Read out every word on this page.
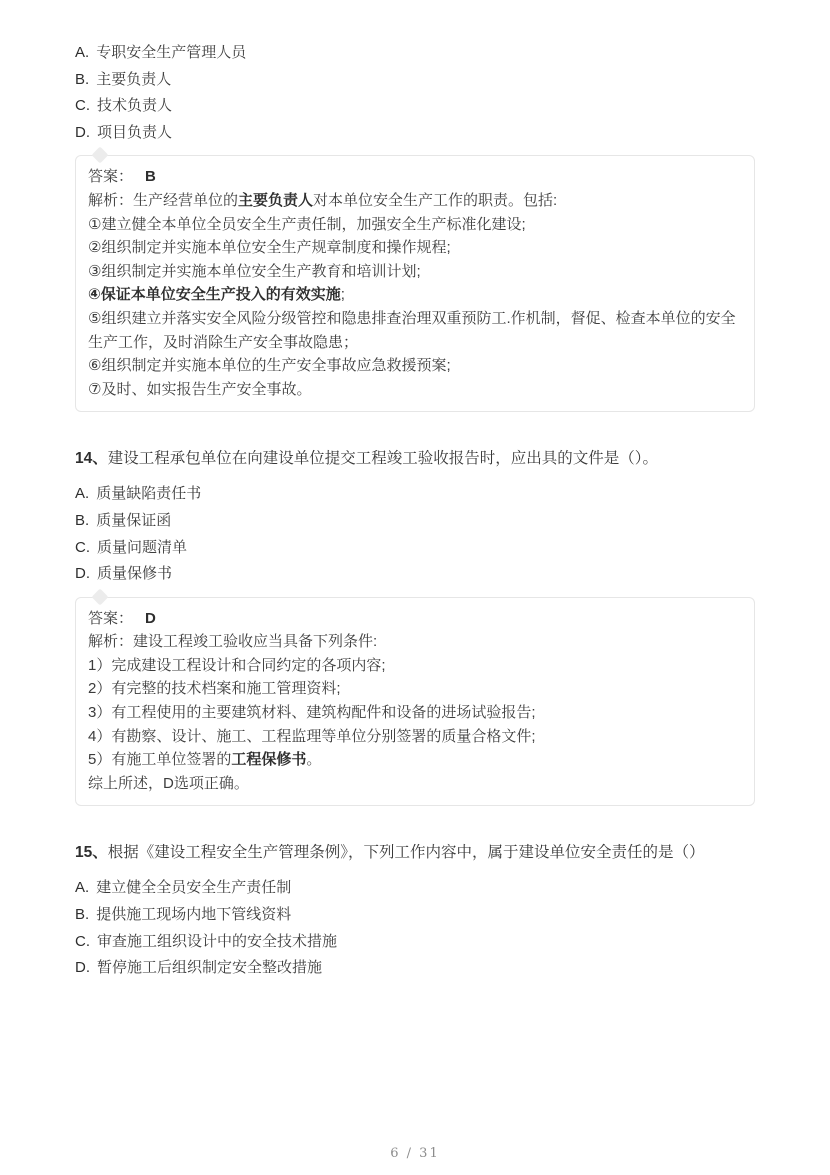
A. 专职安全生产管理人员
B. 主要负责人
C. 技术负责人
D. 项目负责人
答案： B

解析：生产经营单位的主要负责人对本单位安全生产工作的职责。包括:

①建立健全本单位全员安全生产责任制，加强安全生产标准化建设;

②组织制定并实施本单位安全生产规章制度和操作规程;

③组织制定并实施本单位安全生产教育和培训计划;

④保证本单位安全生产投入的有效实施;

⑤组织建立并落实安全风险分级管控和隐患排查治理双重预防工.作机制，督促、检查本单位的安全生产工作，及时消除生产安全事故隐患；

⑥组织制定并实施本单位的生产安全事故应急救援预案;

⑦及时、如实报告生产安全事故。

14、建设工程承包单位在向建设单位提交工程竣工验收报告时，应出具的文件是（）。
A. 质量缺陷责任书
B. 质量保证函
C. 质量问题清单
D. 质量保修书
答案： D

解析：建设工程竣工验收应当具备下列条件:

1）完成建设工程设计和合同约定的各项内容;

2）有完整的技术档案和施工管理资料;

3）有工程使用的主要建筑材料、建筑构配件和设备的进场试验报告;

4）有勘察、设计、施工、工程监理等单位分别签署的质量合格文件;

5）有施工单位签署的工程保修书。

综上所述，D选项正确。

15、根据《建设工程安全生产管理条例》，下列工作内容中，属于建设单位安全责任的是（）
A. 建立健全全员安全生产责任制
B. 提供施工现场内地下管线资料
C. 审查施工组织设计中的安全技术措施
D. 暂停施工后组织制定安全整改措施
6 / 31
